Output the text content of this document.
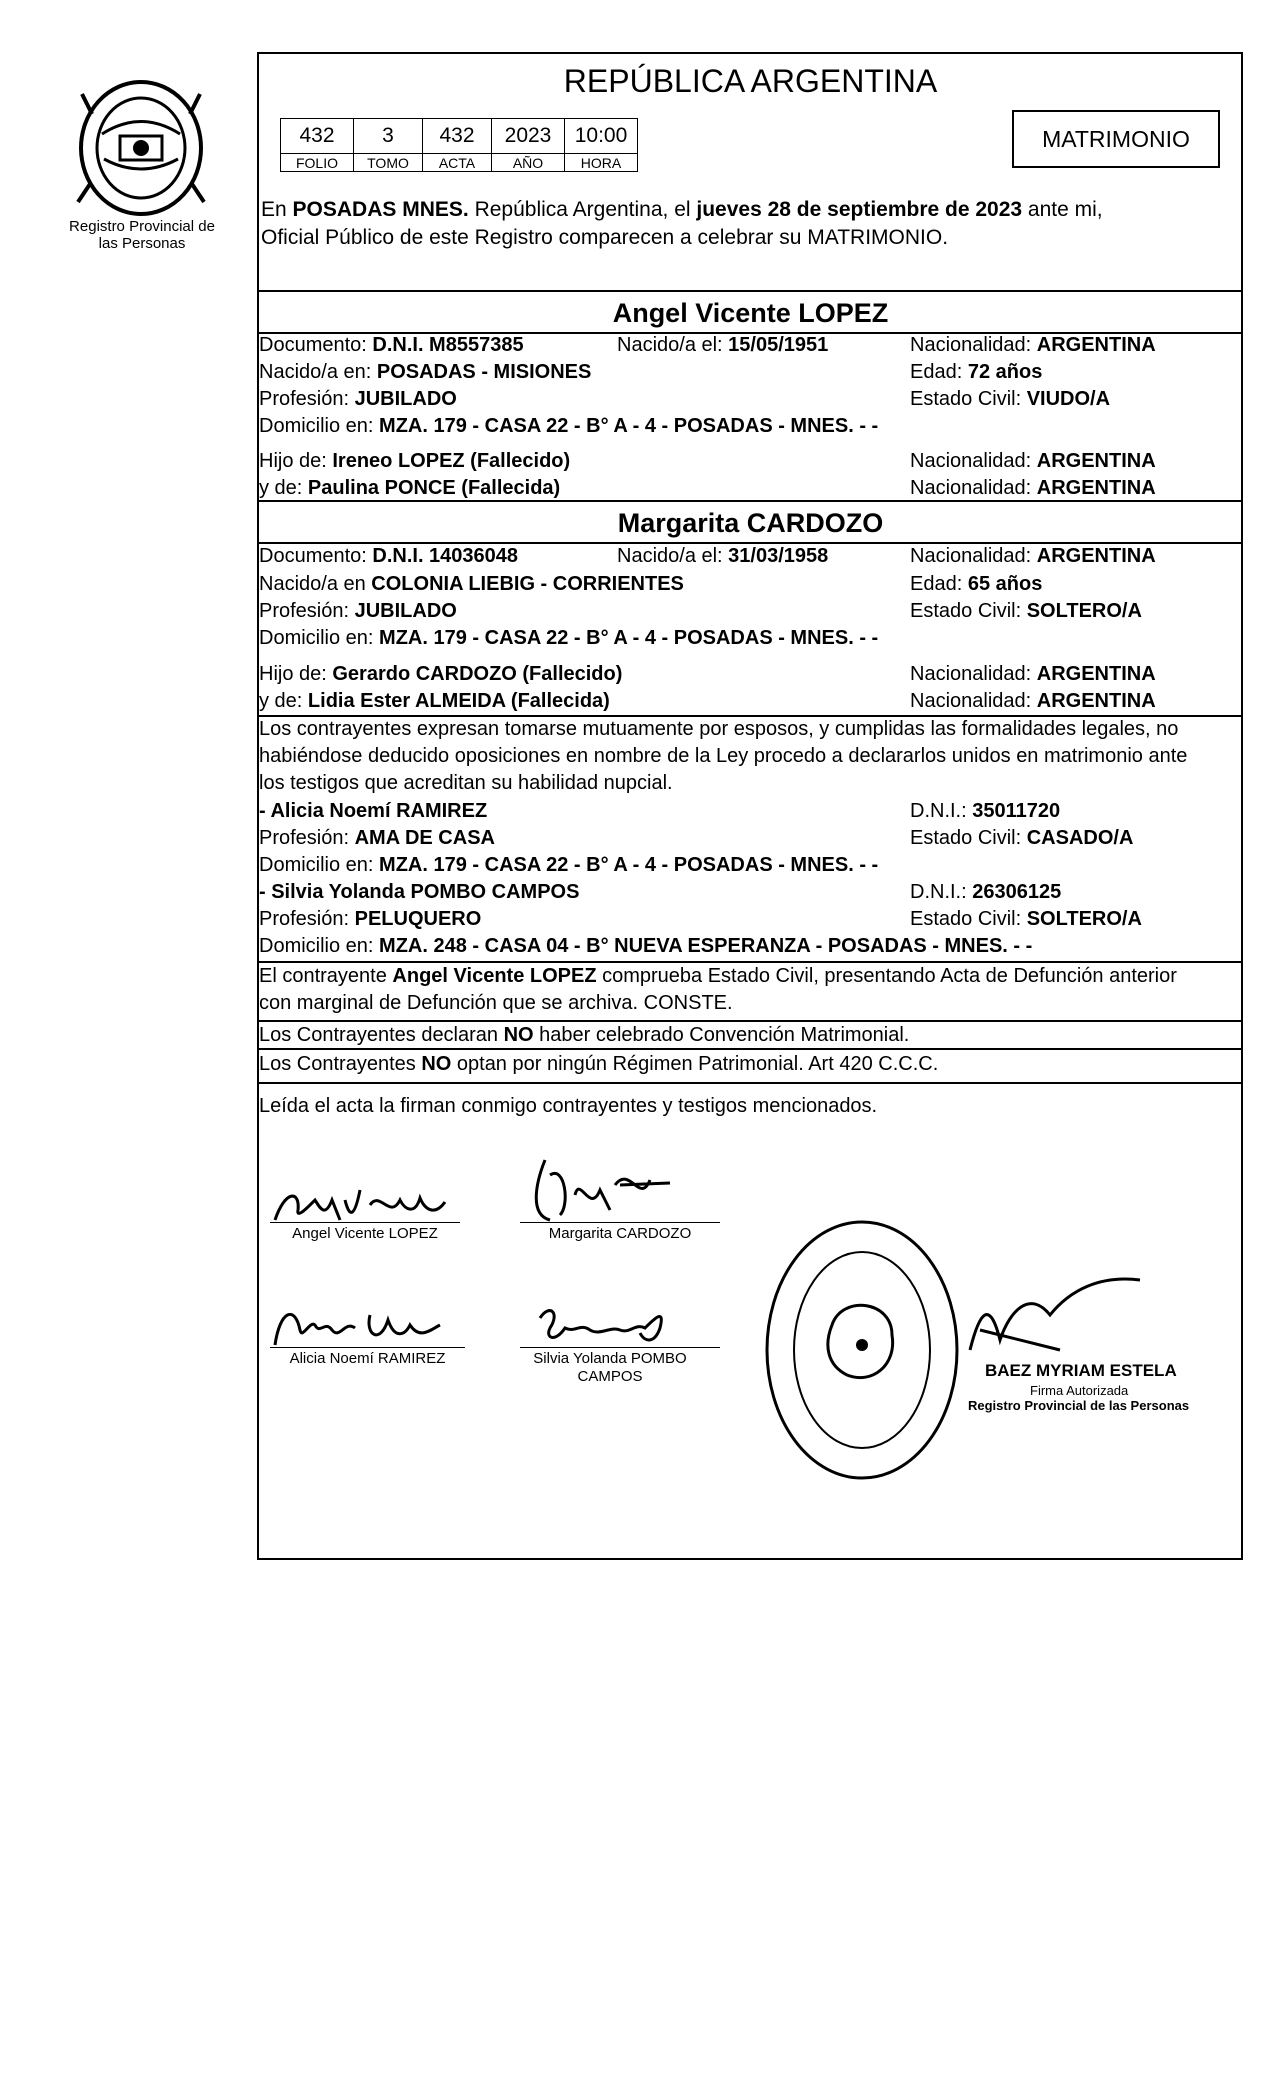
Registro Provincial de las Personas
REPÚBLICA ARGENTINA
432	3	432	2023	10:00
FOLIO	TOMO	ACTA	AÑO	HORA
MATRIMONIO
En POSADAS MNES. República Argentina, el jueves 28 de septiembre de 2023 ante mi,
Oficial Público de este Registro comparecen a celebrar su MATRIMONIO.
Angel Vicente LOPEZ
Documento: D.N.I. M8557385	Nacido/a el: 15/05/1951	Nacionalidad: ARGENTINA
Nacido/a en: POSADAS - MISIONES	Edad: 72 años
Profesión: JUBILADO	Estado Civil: VIUDO/A
Domicilio en: MZA. 179 - CASA 22 - B° A - 4 - POSADAS - MNES. - -
Hijo de: Ireneo LOPEZ (Fallecido)	Nacionalidad: ARGENTINA
y de: Paulina PONCE (Fallecida)	Nacionalidad: ARGENTINA
Margarita CARDOZO
Documento: D.N.I. 14036048	Nacido/a el: 31/03/1958	Nacionalidad: ARGENTINA
Nacido/a en COLONIA LIEBIG - CORRIENTES	Edad: 65 años
Profesión: JUBILADO	Estado Civil: SOLTERO/A
Domicilio en: MZA. 179 - CASA 22 - B° A - 4 - POSADAS - MNES. - -
Hijo de: Gerardo CARDOZO (Fallecido)	Nacionalidad: ARGENTINA
y de: Lidia Ester ALMEIDA (Fallecida)	Nacionalidad: ARGENTINA
Los contrayentes expresan tomarse mutuamente por esposos, y cumplidas las formalidades legales, no
habiéndose deducido oposiciones en nombre de la Ley procedo a declararlos unidos en matrimonio ante
los testigos que acreditan su habilidad nupcial.
- Alicia Noemí RAMIREZ	D.N.I.: 35011720
Profesión: AMA DE CASA	Estado Civil: CASADO/A
Domicilio en: MZA. 179 - CASA 22 - B° A - 4 - POSADAS - MNES. - -
- Silvia Yolanda POMBO CAMPOS	D.N.I.: 26306125
Profesión: PELUQUERO	Estado Civil: SOLTERO/A
Domicilio en: MZA. 248 - CASA 04 - B° NUEVA ESPERANZA - POSADAS - MNES. - -
El contrayente Angel Vicente LOPEZ comprueba Estado Civil, presentando Acta de Defunción anterior
con marginal de Defunción que se archiva. CONSTE.
Los Contrayentes declaran NO haber celebrado Convención Matrimonial.
Los Contrayentes NO optan por ningún Régimen Patrimonial. Art 420 C.C.C.
Leída el acta la firman conmigo contrayentes y testigos mencionados.
Angel Vicente LOPEZ	Margarita CARDOZO
Alicia Noemí RAMIREZ	Silvia Yolanda POMBO CAMPOS	BAEZ MYRIAM ESTELA
Firma Autorizada
Registro Provincial de las Personas
